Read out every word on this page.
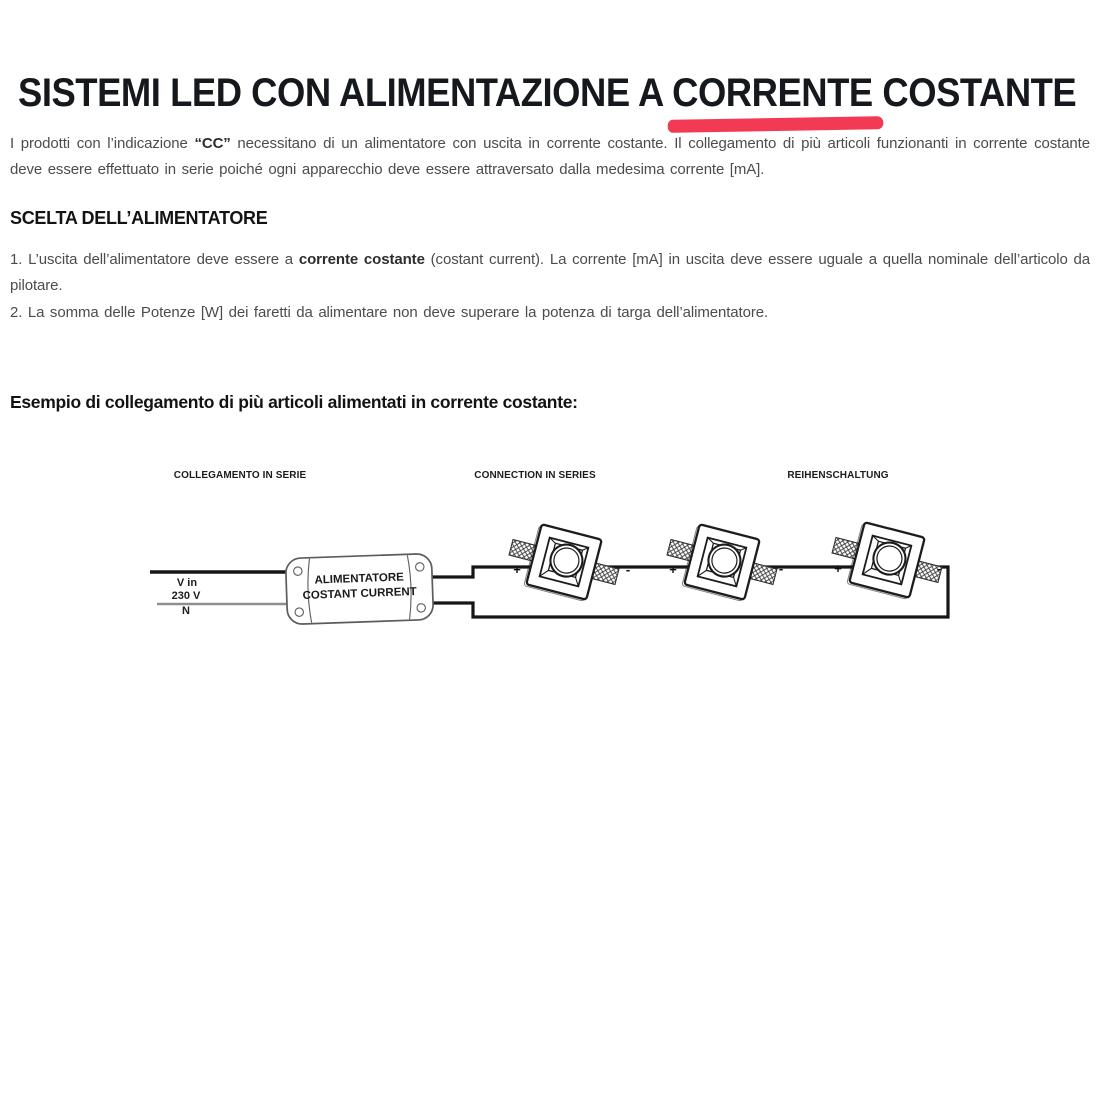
SISTEMI LED CON ALIMENTAZIONE A CORRENTE
COSTANTE

I prodotti con l’indicazione “CC” necessitano di un alimentatore con uscita in corrente costante. Il collegamento di più articoli funzionanti in corrente costante deve essere effettuato in serie poiché ogni apparecchio deve essere attraversato dalla medesima corrente [mA].

SCELTA DELL’ALIMENTATORE

1. L’uscita dell’alimentatore deve essere a corrente costante (costant current). La corrente [mA] in uscita deve essere uguale a quella nominale dell’articolo da pilotare.

2. La somma delle Potenze [W] dei faretti da alimentare non deve superare la potenza di targa dell’alimentatore.

Esempio di collegamento di più articoli alimentati in corrente costante:
COLLEGAMENTO IN SERIE	CONNECTION IN SERIES	REIHENSCHALTUNG
V in
230 V
N
ALIMENTATORE
COSTANT CURRENT
+	-	+	-	+	-
